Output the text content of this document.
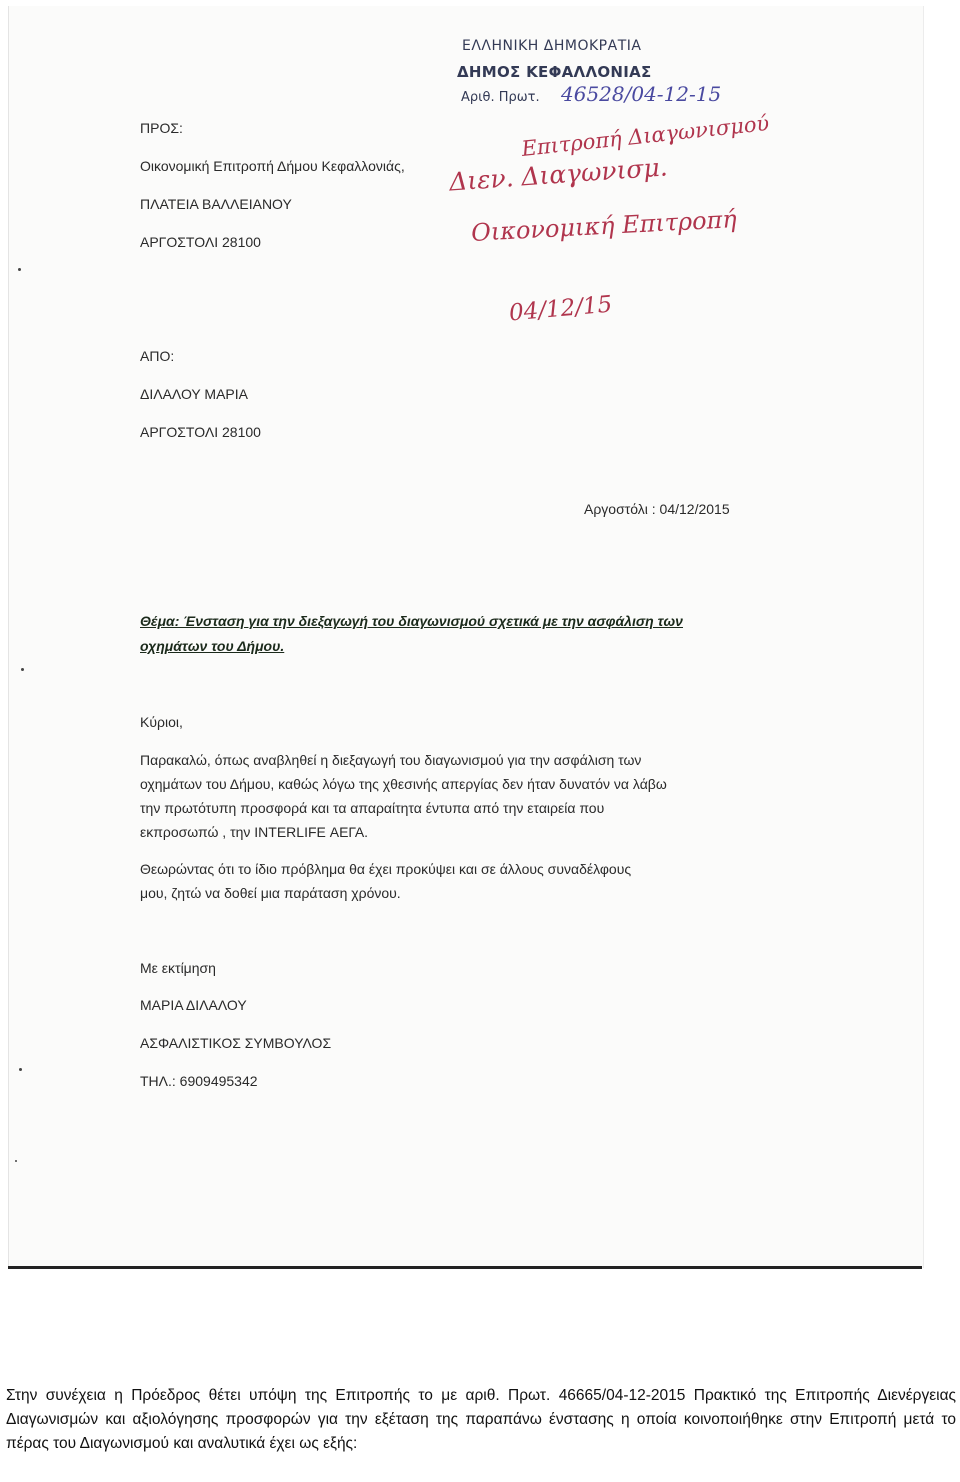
ΕΛΛΗΝΙΚΗ ΔΗΜΟΚΡΑΤΙΑ
ΔΗΜΟΣ ΚΕΦΑΛΛΟΝΙΑΣ
Αριθ. Πρωτ. 46528/04-12-15
ΠΡΟΣ:
Οικονομική Επιτροπή Δήμου Κεφαλλονιάς,
ΠΛΑΤΕΙΑ ΒΑΛΛΕΙΑΝΟΥ
ΑΡΓΟΣΤΟΛΙ 28100
Επιτροπή Διαγωνισμού
Διεν. Διαγωνισμ.
Οικονομική Επιτροπή
04/12/15
ΑΠΟ:
ΔΙΛΑΛΟΥ ΜΑΡΙΑ
ΑΡΓΟΣΤΟΛΙ 28100
Αργοστόλι : 04/12/2015
Θέμα: Ένσταση για την διεξαγωγή του διαγωνισμού σχετικά με την ασφάλιση των
οχημάτων του Δήμου.
Κύριοι,
Παρακαλώ, όπως αναβληθεί η διεξαγωγή του διαγωνισμού για την ασφάλιση των
οχημάτων του Δήμου, καθώς λόγω της χθεσινής απεργίας δεν ήταν δυνατόν να λάβω
την πρωτότυπη προσφορά και τα απαραίτητα έντυπα από την εταιρεία που
εκπροσωπώ , την INTERLIFE ΑΕΓΑ.
Θεωρώντας ότι το ίδιο πρόβλημα θα έχει προκύψει και σε άλλους συναδέλφους
μου, ζητώ να δοθεί μια παράταση χρόνου.
Με εκτίμηση
ΜΑΡΙΑ ΔΙΛΑΛΟΥ
ΑΣΦΑΛΙΣΤΙΚΟΣ ΣΥΜΒΟΥΛΟΣ
ΤΗΛ.: 6909495342
Στην συνέχεια η Πρόεδρος θέτει υπόψη της Επιτροπής το με αριθ. Πρωτ. 46665/04-12-2015 Πρακτικό της Επιτροπής Διενέργειας Διαγωνισμών και αξιολόγησης προσφορών για την εξέταση της παραπάνω ένστασης η οποία κοινοποιήθηκε στην Επιτροπή μετά το πέρας του Διαγωνισμού και αναλυτικά έχει ως εξής:
